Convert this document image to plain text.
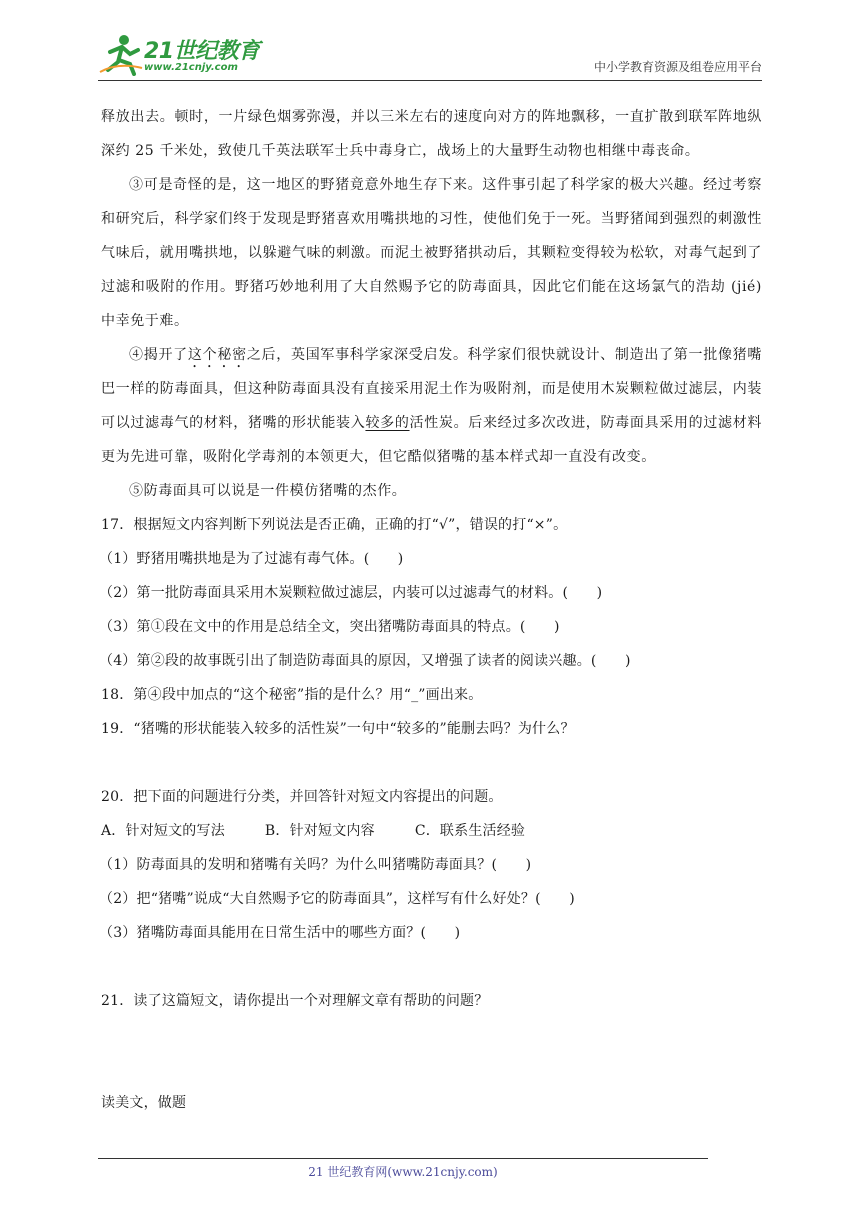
21世纪教育
www.21cnjy.com	中小学教育资源及组卷应用平台

释放出去。顿时，一片绿色烟雾弥漫，并以三米左右的速度向对方的阵地飘移，一直扩散到联军阵地纵深约 25 千米处，致使几千英法联军士兵中毒身亡，战场上的大量野生动物也相继中毒丧命。

③可是奇怪的是，这一地区的野猪竟意外地生存下来。这件事引起了科学家的极大兴趣。经过考察和研究后，科学家们终于发现是野猪喜欢用嘴拱地的习性，使他们免于一死。当野猪闻到强烈的刺激性气味后，就用嘴拱地，以躲避气味的刺激。而泥土被野猪拱动后，其颗粒变得较为松软，对毒气起到了过滤和吸附的作用。野猪巧妙地利用了大自然赐予它的防毒面具，因此它们能在这场氯气的浩劫 (jié) 中幸免于难。

④揭开了这个秘密之后，英国军事科学家深受启发。科学家们很快就设计、制造出了第一批像猪嘴巴一样的防毒面具，但这种防毒面具没有直接采用泥土作为吸附剂，而是使用木炭颗粒做过滤层，内装可以过滤毒气的材料，猪嘴的形状能装入较多的活性炭。后来经过多次改进，防毒面具采用的过滤材料更为先进可靠，吸附化学毒剂的本领更大，但它酷似猪嘴的基本样式却一直没有改变。

⑤防毒面具可以说是一件模仿猪嘴的杰作。

17．根据短文内容判断下列说法是否正确，正确的打“√”，错误的打“×”。

（1）野猪用嘴拱地是为了过滤有毒气体。(　　)

（2）第一批防毒面具采用木炭颗粒做过滤层，内装可以过滤毒气的材料。(　　)

（3）第①段在文中的作用是总结全文，突出猪嘴防毒面具的特点。(　　)

（4）第②段的故事既引出了制造防毒面具的原因，又增强了读者的阅读兴趣。(　　)

18．第④段中加点的“这个秘密”指的是什么？用“_”画出来。

19．“猪嘴的形状能装入较多的活性炭”一句中“较多的”能删去吗？为什么？

20．把下面的问题进行分类，并回答针对短文内容提出的问题。

A．针对短文的写法	B．针对短文内容	C．联系生活经验

（1）防毒面具的发明和猪嘴有关吗？为什么叫猪嘴防毒面具？(　　)

（2）把“猪嘴”说成“大自然赐予它的防毒面具”，这样写有什么好处？(　　)

（3）猪嘴防毒面具能用在日常生活中的哪些方面？(　　)

21．读了这篇短文，请你提出一个对理解文章有帮助的问题？

读美文，做题

21 世纪教育网(www.21cnjy.com)
